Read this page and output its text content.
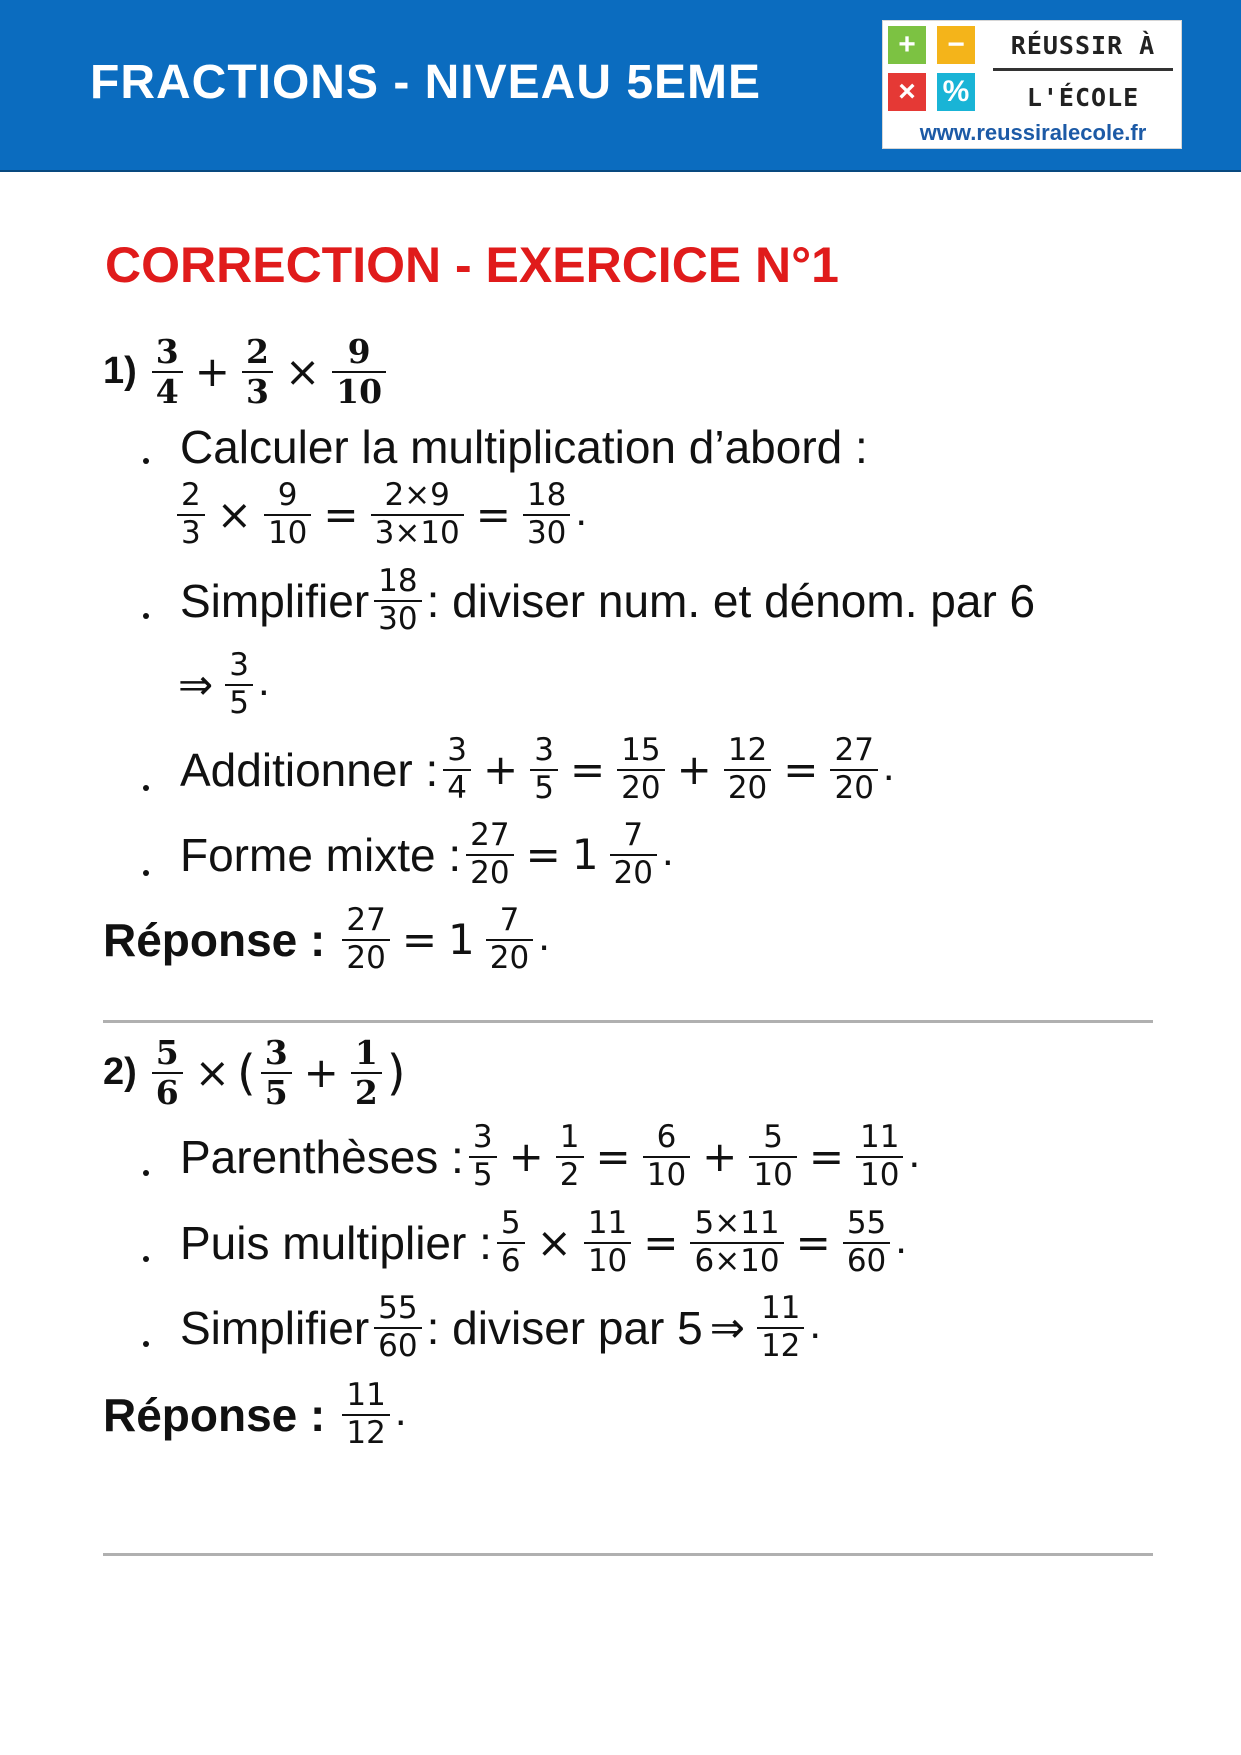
FRACTIONS - NIVEAU 5EME
+	−
× %
RÉUSSIR À
L'ÉCOLE
www.reussiralecole.fr
CORRECTION - EXERCICE N°1
$1) \frac{3}{4} + \frac{2}{3} \times \frac{9}{10}$
Calculer la multiplication d’abord :
$\frac{2}{3} \times \frac{9}{10} = \frac{2\times 9}{3\times 10} = \frac{18}{30}$ .
Simplifier $\frac{18}{30}$ : diviser num. et dénom. par 6
⇒ $\frac{3}{5}$ .
Additionner : $\frac{3}{4} + \frac{3}{5} = \frac{15}{20} + \frac{12}{20} = \frac{27}{20}$ .
Forme mixte : $\frac{27}{20} = 1 \frac{7}{20}$ .
Réponse : $\frac{27}{20} = 1 \frac{7}{20}$ .
$2) \frac{5}{6}$ × ( $\frac{3}{5} + \frac{1}{2}$ )
Parenthèses : $\frac{3}{5} + \frac{1}{2} = \frac{6}{10} + \frac{5}{10} = \frac{11}{10}$ .
Puis multiplier : $\frac{5}{6} \times \frac{11}{10} = \frac{5\times 11}{6\times 10} = \frac{55}{60}$ .
Simplifier $\frac{55}{60}$ : diviser par 5 ⇒ $\frac{11}{12}$ .
Réponse : $\frac{11}{12}$ .
